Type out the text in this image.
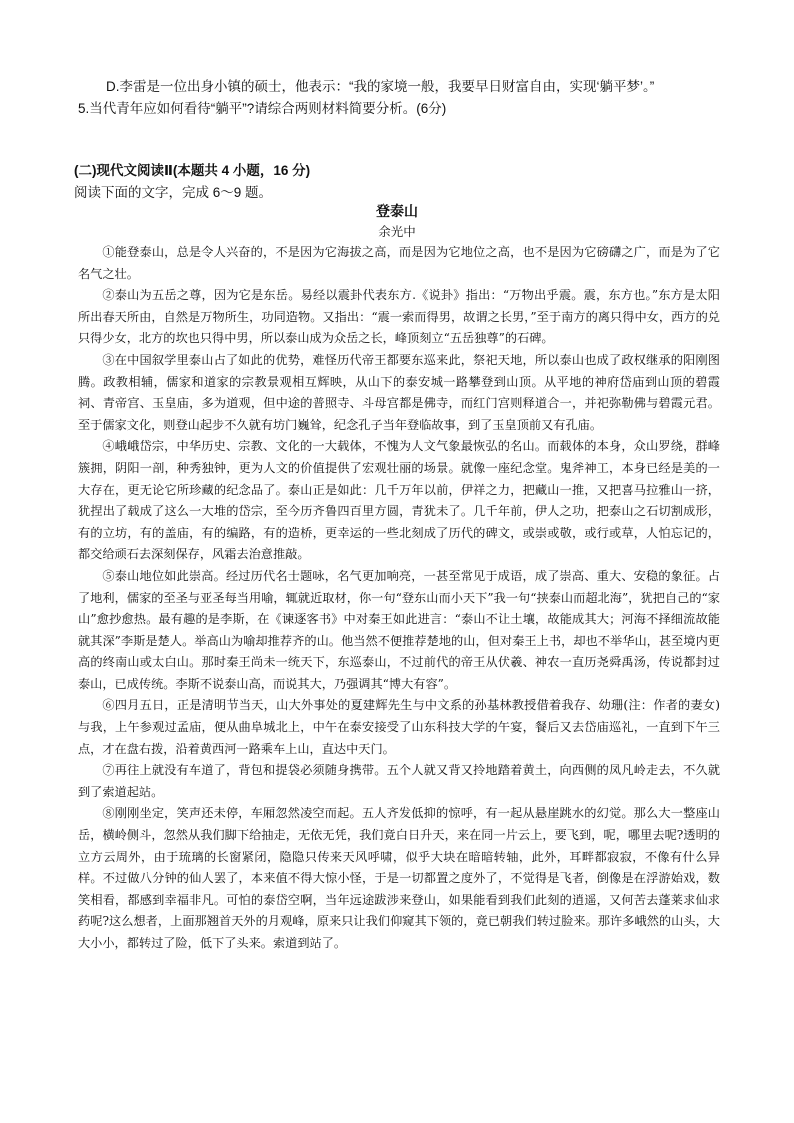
D.李雷是一位出身小镇的硕士，他表示：“我的家境一般，我要早日财富自由，实现‘躺平梦’。”
5.当代青年应如何看待“躺平”?请综合两则材料简要分析。(6分)
(二)现代文阅读Ⅱ(本题共 4 小题，16 分)
阅读下面的文字，完成 6～9 题。
登泰山
余光中

①能登泰山，总是令人兴奋的，不是因为它海拔之高，而是因为它地位之高，也不是因为它磅礴之广，而是为了它名气之壮。

②泰山为五岳之尊，因为它是东岳。易经以震卦代表东方.《说卦》指出：“万物出乎震。震，东方也。”东方是太阳所出春天所由，自然是万物所生，功同造物。又指出：“震一索而得男，故谓之长男，”至于南方的离只得中女，西方的兑只得少女，北方的坎也只得中男，所以泰山成为众岳之长，峰顶刻立“五岳独尊”的石碑。

③在中国叙学里泰山占了如此的优势，难怪历代帝王都要东巡来此，祭祀天地，所以泰山也成了政权继承的阳刚图腾。政教相辅，儒家和道家的宗教景观相互辉映，从山下的泰安城一路攀登到山顶。从平地的神府岱庙到山顶的碧霞祠、青帝宫、玉皇庙，多为道观，但中途的普照寺、斗母宫都是佛寺，而红门宫则释道合一，并祀弥勒佛与碧霞元君。至于儒家文化，则登山起步不久就有坊门巍耸，纪念孔子当年登临故事，到了玉皇顶前又有孔庙。

④峨峨岱宗，中华历史、宗教、文化的一大载体，不愧为人文气象最恢弘的名山。而载体的本身，众山罗绕，群峰簇拥，阴阳一剖，种秀独钟，更为人文的价值提供了宏观壮丽的场景。就像一座纪念堂。鬼斧神工，本身已经是美的一大存在，更无论它所珍藏的纪念品了。泰山正是如此：几千万年以前，伊祥之力，把藏山一推，又把喜马拉雅山一挤，犹捏出了载成了这么一大堆的岱宗，至今历齐鲁四百里方圆，青犹未了。几千年前，伊人之功，把泰山之石切割成形，有的立坊，有的盖庙，有的编路，有的造桥，更幸运的一些北刻成了历代的碑文，或崇或敬，或行或草，人怕忘记的，都交给顽石去深刻保存，风霜去治意推敲。

⑤泰山地位如此崇高。经过历代名士题咏，名气更加响亮，一甚至常见于成语，成了崇高、重大、安稳的象征。占了地利，儒家的至圣与亚圣每当用喻，辄就近取材，你一句“登东山而小天下”我一句“挟泰山而超北海”，犹把自己的“家山”愈抄愈热。最有趣的是李斯，在《谏逐客书》中对秦王如此进言：“泰山不让土壤，故能成其大；河海不择细流故能就其深”李斯是楚人。举高山为喻却推荐齐的山。他当然不便推荐楚地的山，但对秦王上书，却也不举华山，甚至境内更高的终南山或太白山。那时秦王尚未一统天下，东巡泰山，不过前代的帝王从伏羲、神农一直历尧舜禹汤，传说都封过泰山，已成传统。李斯不说泰山高，而说其大，乃强调其“博大有容”。

⑥四月五日，正是清明节当天，山大外事处的夏建辉先生与中文系的孙基林教授借着我存、幼珊(注：作者的妻女)与我，上午参观过孟庙，便从曲阜城北上，中午在泰安接受了山东科技大学的午宴，餐后又去岱庙巡礼，一直到下午三点，才在盘右拨，沿着黄西河一路乘车上山，直达中天门。

⑦再往上就没有车道了，背包和提袋必须随身携带。五个人就又背又拎地踏着黄土，向西侧的凤凡岭走去，不久就到了索道起站。

⑧刚刚坐定，笑声还未停，车厢忽然凌空而起。五人齐发低抑的惊呼，有一起从悬崖跳水的幻觉。那么大一整座山岳，横岭侧斗，忽然从我们脚下给抽走，无依无凭，我们竟白日升天，来在同一片云上，要飞到，呢，哪里去呢?透明的立方云周外，由于琉璃的长窗紧闭，隐隐只传来天风呼啸，似乎大块在暗暗转轴，此外，耳畔都寂寂，不像有什么异样。不过做八分钟的仙人罢了，本来值不得大惊小怪，于是一切都置之度外了，不觉得是飞者，倒像是在浮游始戏，数笑相看，都感到幸福非凡。可怕的泰岱空啊，当年远途跋涉来登山，如果能看到我们此刻的逍遥，又何苦去蓬莱求仙求药呢?这么想者，上面那翘首天外的月观峰，原来只让我们仰窥其下领的，竟已朝我们转过脸来。那许多峨然的山头，大大小小，都转过了险，低下了头来。索道到站了。
